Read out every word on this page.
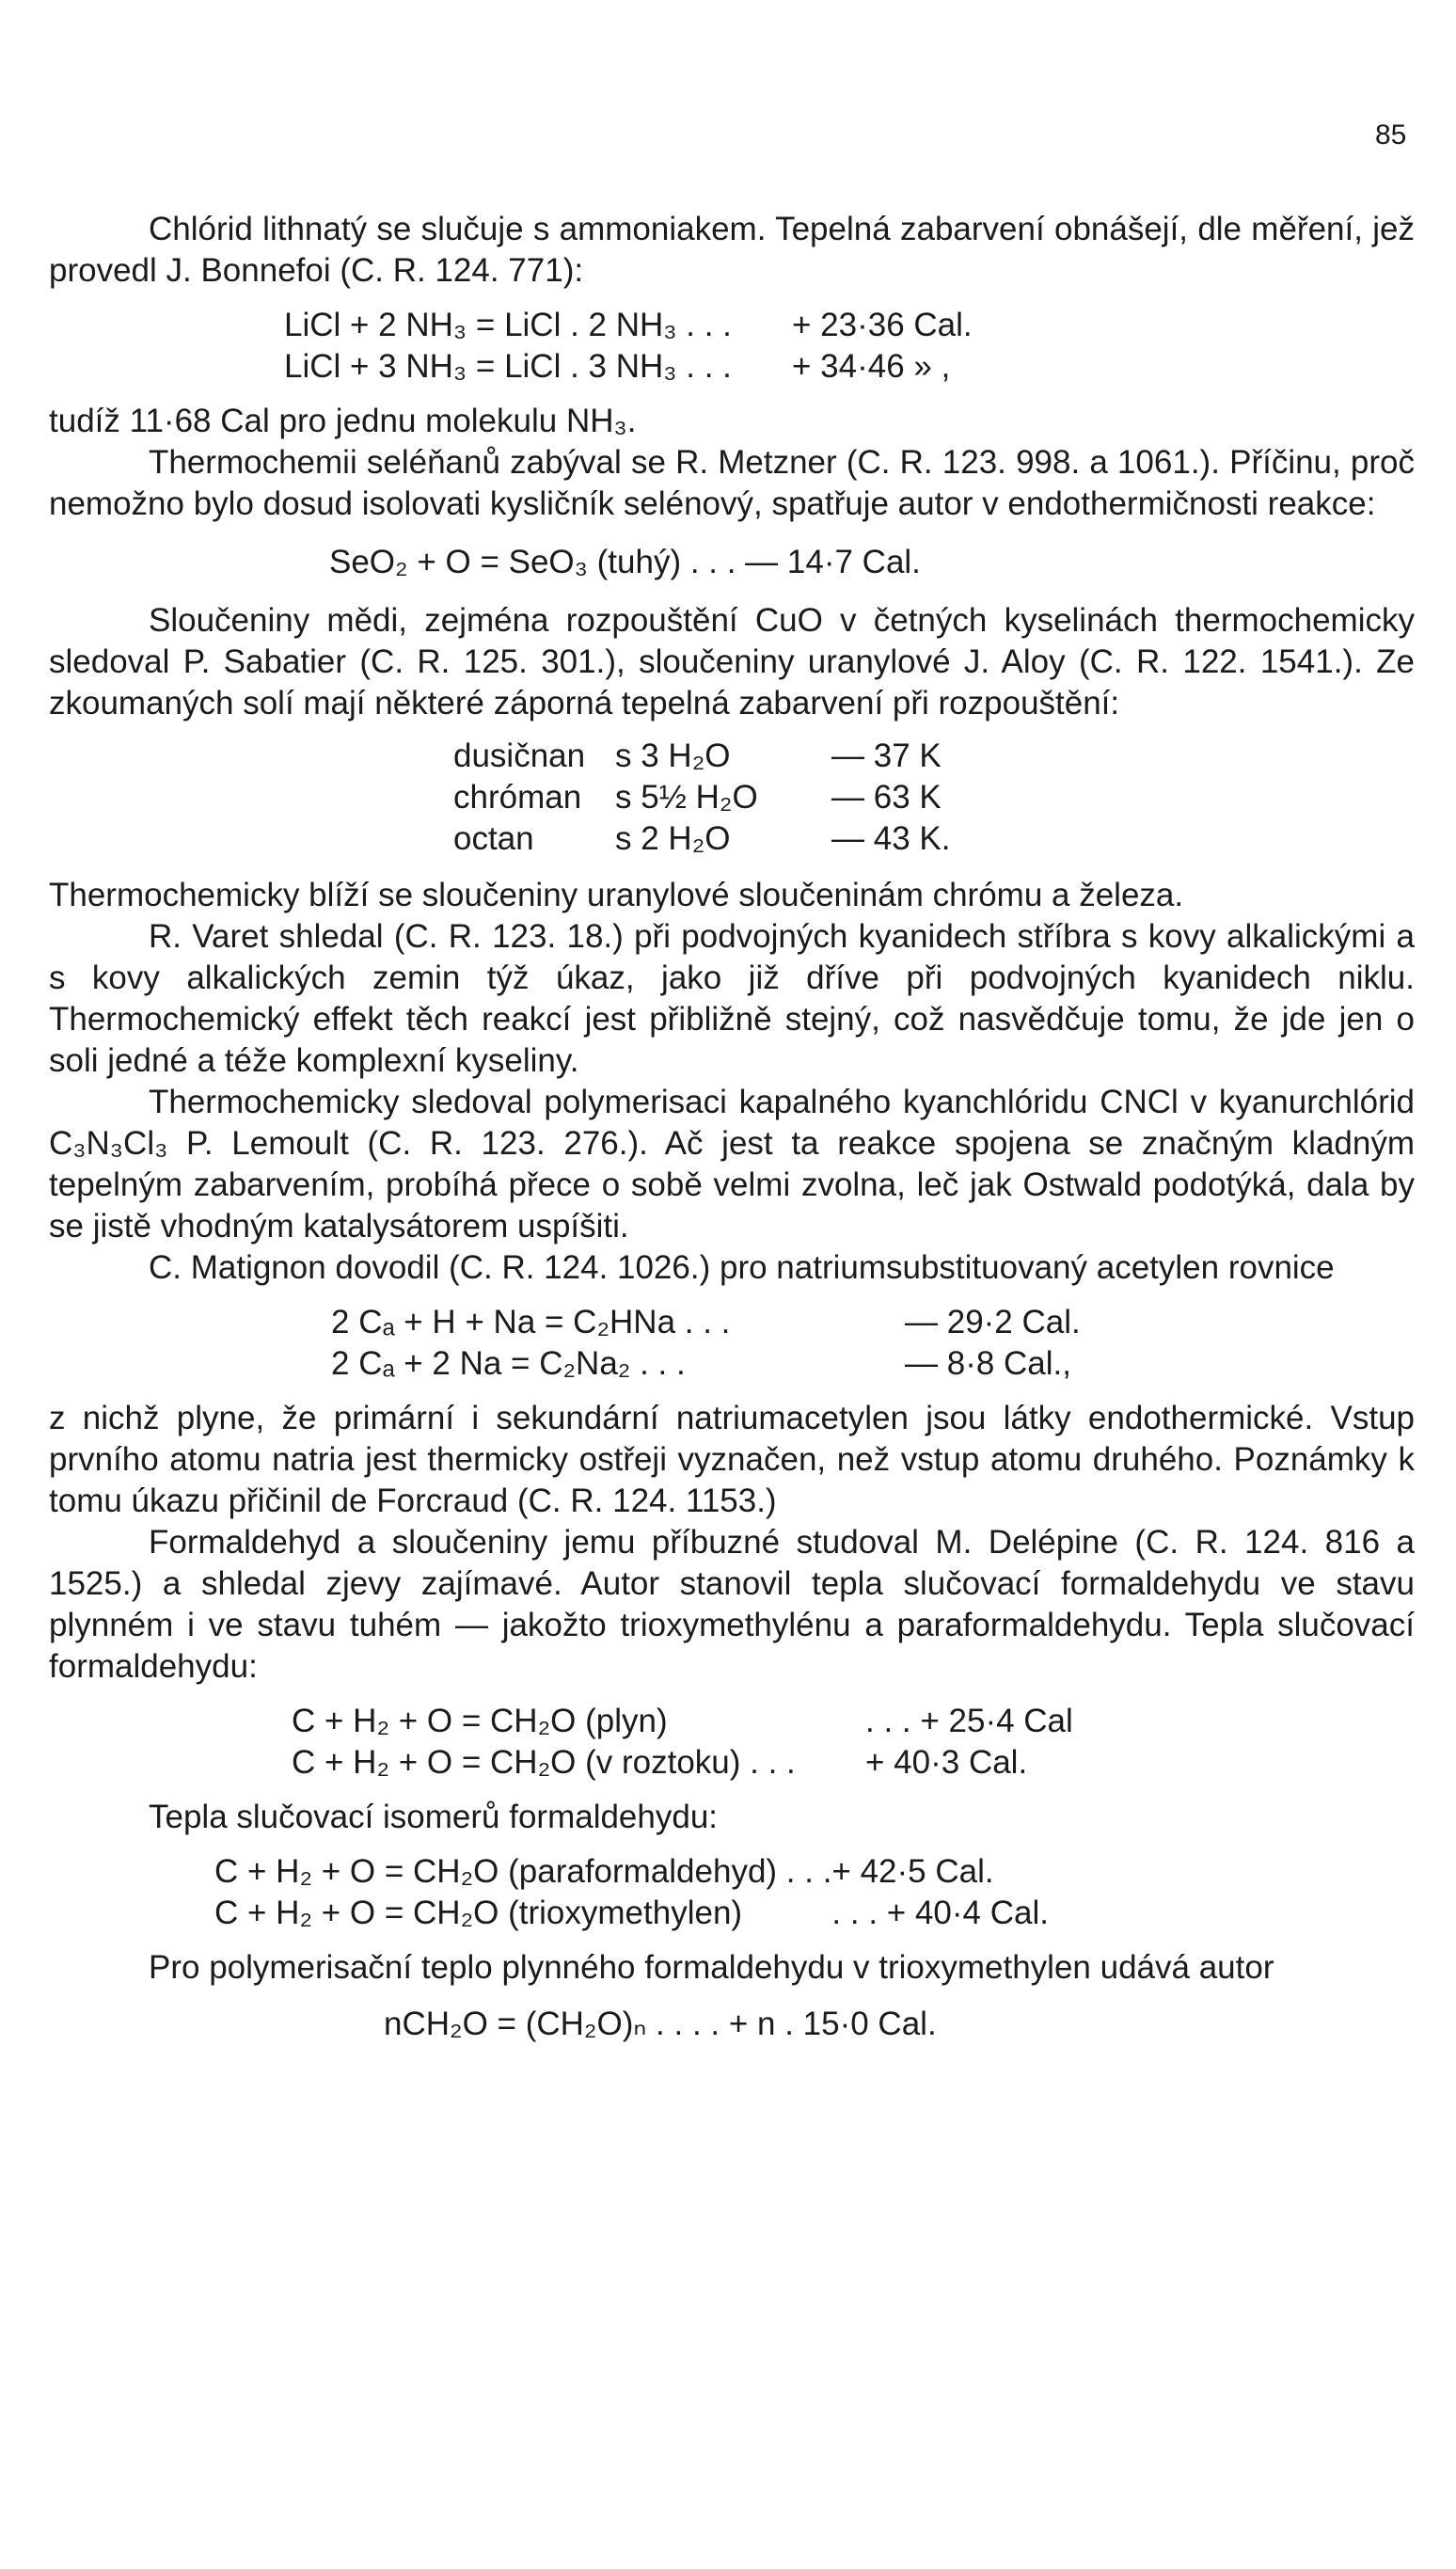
85

Chlórid lithnatý se slučuje s ammoniakem. Tepelná zabarvení obnášejí, dle měření, jež provedl J. Bonnefoi (C. R. 124. 771):

LiCl + 2 NH₃ = LiCl . 2 NH₃ . . .	+ 23·36 Cal.
LiCl + 3 NH₃ = LiCl . 3 NH₃ . . .	+ 34·46 » ,

tudíž 11·68 Cal pro jednu molekulu NH₃.

Thermochemii seléňanů zabýval se R. Metzner (C. R. 123. 998. a 1061.). Příčinu, proč nemožno bylo dosud isolovati kysličník selénový, spatřuje autor v endothermičnosti reakce:

SeO₂ + O = SeO₃ (tuhý) . . . — 14·7 Cal.

Sloučeniny mědi, zejména rozpouštění CuO v četných kyselinách thermochemicky sledoval P. Sabatier (C. R. 125. 301.), sloučeniny uranylové J. Aloy (C. R. 122. 1541.). Ze zkoumaných solí mají některé záporná tepelná zabarvení při rozpouštění:

dusičnan	s 3 H₂O	— 37 K
chróman	s 5½ H₂O	— 63 K
octan	s 2 H₂O	— 43 K.

Thermochemicky blíží se sloučeniny uranylové sloučeninám chrómu a železa.

R. Varet shledal (C. R. 123. 18.) při podvojných kyanidech stříbra s kovy alkalickými a s kovy alkalických zemin týž úkaz, jako již dříve při podvojných kyanidech niklu. Thermochemický effekt těch reakcí jest přibližně stejný, což nasvědčuje tomu, že jde jen o soli jedné a téže komplexní kyseliny.

Thermochemicky sledoval polymerisaci kapalného kyanchlóridu CNCl v kyanurchlórid C₃N₃Cl₃ P. Lemoult (C. R. 123. 276.). Ač jest ta reakce spojena se značným kladným tepelným zabarvením, probíhá přece o sobě velmi zvolna, leč jak Ostwald podotýká, dala by se jistě vhodným katalysátorem uspíšiti.

C. Matignon dovodil (C. R. 124. 1026.) pro natriumsubstituovaný acetylen rovnice

2 Cₐ + H + Na = C₂HNa . . .	— 29·2 Cal.
2 Cₐ + 2 Na = C₂Na₂ . . .	— 8·8 Cal.,

z nichž plyne, že primární i sekundární natriumacetylen jsou látky endothermické. Vstup prvního atomu natria jest thermicky ostřeji vyznačen, než vstup atomu druhého. Poznámky k tomu úkazu přičinil de Forcraud (C. R. 124. 1153.)

Formaldehyd a sloučeniny jemu příbuzné studoval M. Delépine (C. R. 124. 816 a 1525.) a shledal zjevy zajímavé. Autor stanovil tepla slučovací formaldehydu ve stavu plynném i ve stavu tuhém — jakožto trioxymethylénu a paraformaldehydu. Tepla slučovací formaldehydu:

C + H₂ + O = CH₂O (plyn)	. . . + 25·4 Cal
C + H₂ + O = CH₂O (v roztoku) . . .	+ 40·3 Cal.

Tepla slučovací isomerů formaldehydu:

C + H₂ + O = CH₂O (paraformaldehyd) . . .	+ 42·5 Cal.
C + H₂ + O = CH₂O (trioxymethylen)	. . . + 40·4 Cal.

Pro polymerisační teplo plynného formaldehydu v trioxymethylen udává autor

nCH₂O = (CH₂O)ₙ . . . . + n . 15·0 Cal.
